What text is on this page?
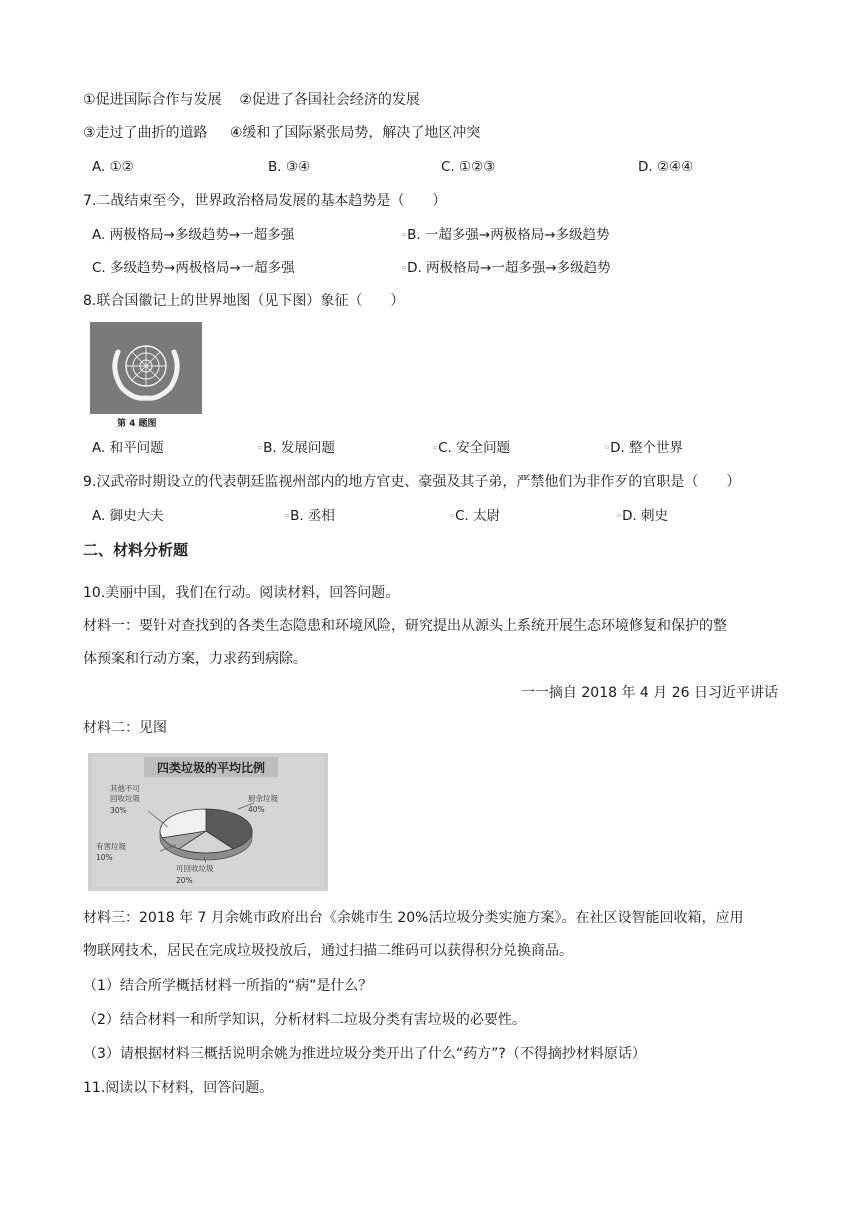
①促进国际合作与发展 ②促进了各国社会经济的发展
③走过了曲折的道路 ④缓和了国际紧张局势，解决了地区冲突
A. ①②	B. ③④	C. ①②③	D. ②④④
7.二战结束至今，世界政治格局发展的基本趋势是（　　）
A. 两极格局→多级趋势→一超多强	▫B. 一超多强→两极格局→多级趋势
C. 多级趋势→两极格局→一超多强	▫D. 两极格局→一超多强→多级趋势
8.联合国徽记上的世界地图（见下图）象征（　　）
第 4 题图
A. 和平问题	▫B. 发展问题	▫C. 安全问题	▫D. 整个世界
9.汉武帝时期设立的代表朝廷监视州部内的地方官吏、豪强及其子弟，严禁他们为非作歹的官职是（　　）
A. 御史大夫	▫B. 丞相	▫C. 太尉	▫D. 刺史
二、材料分析题
10.美丽中国，我们在行动。阅读材料，回答问题。
材料一：要针对查找到的各类生态隐患和环境风险，研究提出从源头上系统开展生态环境修复和保护的整
体预案和行动方案，力求药到病除。
一一摘自 2018 年 4 月 26 日习近平讲话
材料二：见图
四类垃圾的平均比例
其他不可
回收垃圾
30%
厨余垃圾
40%
有害垃圾
10%
可回收垃圾
20%
材料三：2018 年 7 月余姚市政府出台《余姚市生 20%活垃圾分类实施方案》。在社区设智能回收箱，应用
物联网技术，居民在完成垃圾投放后，通过扫描二维码可以获得积分兑换商品。
（1）结合所学概括材料一所指的“病”是什么？
（2）结合材料一和所学知识，分析材料二垃圾分类有害垃圾的必要性。
（3）请根据材料三概括说明余姚为推进垃圾分类开出了什么“药方”?（不得摘抄材料原话）
11.阅读以下材料，回答问题。
